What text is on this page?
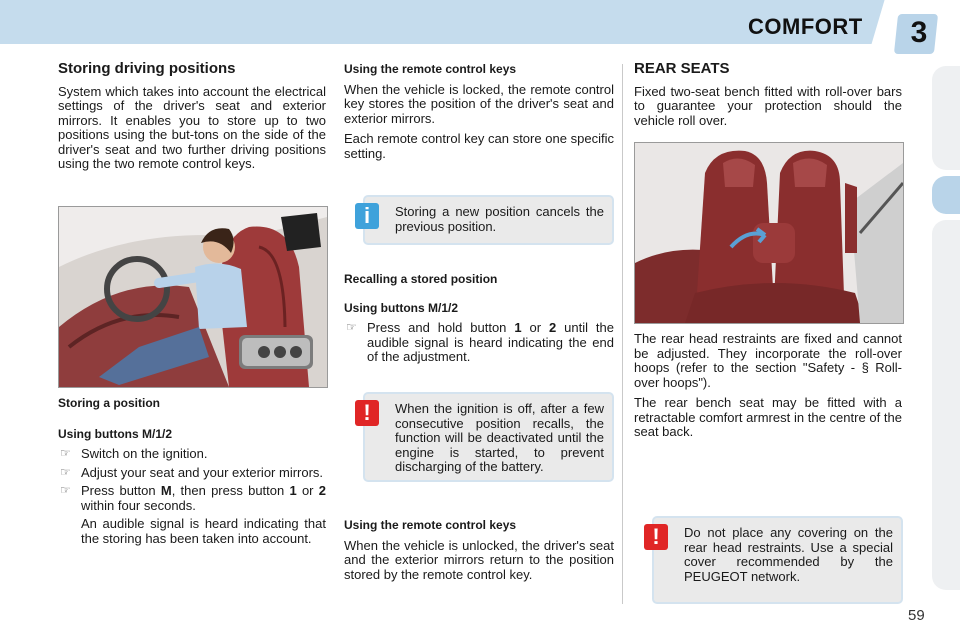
COMFORT 3
Storing driving positions

System which takes into account the electrical settings of the driver's seat and exterior mirrors. It enables you to store up to two positions using the but-tons on the side of the driver's seat and two further driving positions using the two remote control keys.

Storing a position
Using buttons M/1/2
☞ Switch on the ignition.
☞ Adjust your seat and your exterior mirrors.
☞ Press button M, then press button 1 or 2 within four seconds.

An audible signal is heard indicating that the storing has been taken into account.

Using the remote control keys

When the vehicle is locked, the remote control key stores the position of the driver's seat and exterior mirrors.

Each remote control key can store one specific setting.

i	Storing a new position cancels the previous position.
Recalling a stored position
Using buttons M/1/2
☞ Press and hold button 1 or 2 until the audible signal is heard indicating the end of the adjustment.
!	When the ignition is off, after a few consecutive position recalls, the function will be deactivated until the engine is started, to prevent discharging of the battery.
Using the remote control keys

When the vehicle is unlocked, the driver's seat and the exterior mirrors return to the position stored by the remote control key.

REAR SEATS

Fixed two-seat bench fitted with roll-over bars to guarantee your protection should the vehicle roll over.

The rear head restraints are fixed and cannot be adjusted. They incorporate the roll-over hoops (refer to the section "Safety - § Roll-over hoops").

The rear bench seat may be fitted with a retractable comfort armrest in the centre of the seat back.

!	Do not place any covering on the rear head restraints. Use a special cover recommended by the PEUGEOT network.
59
